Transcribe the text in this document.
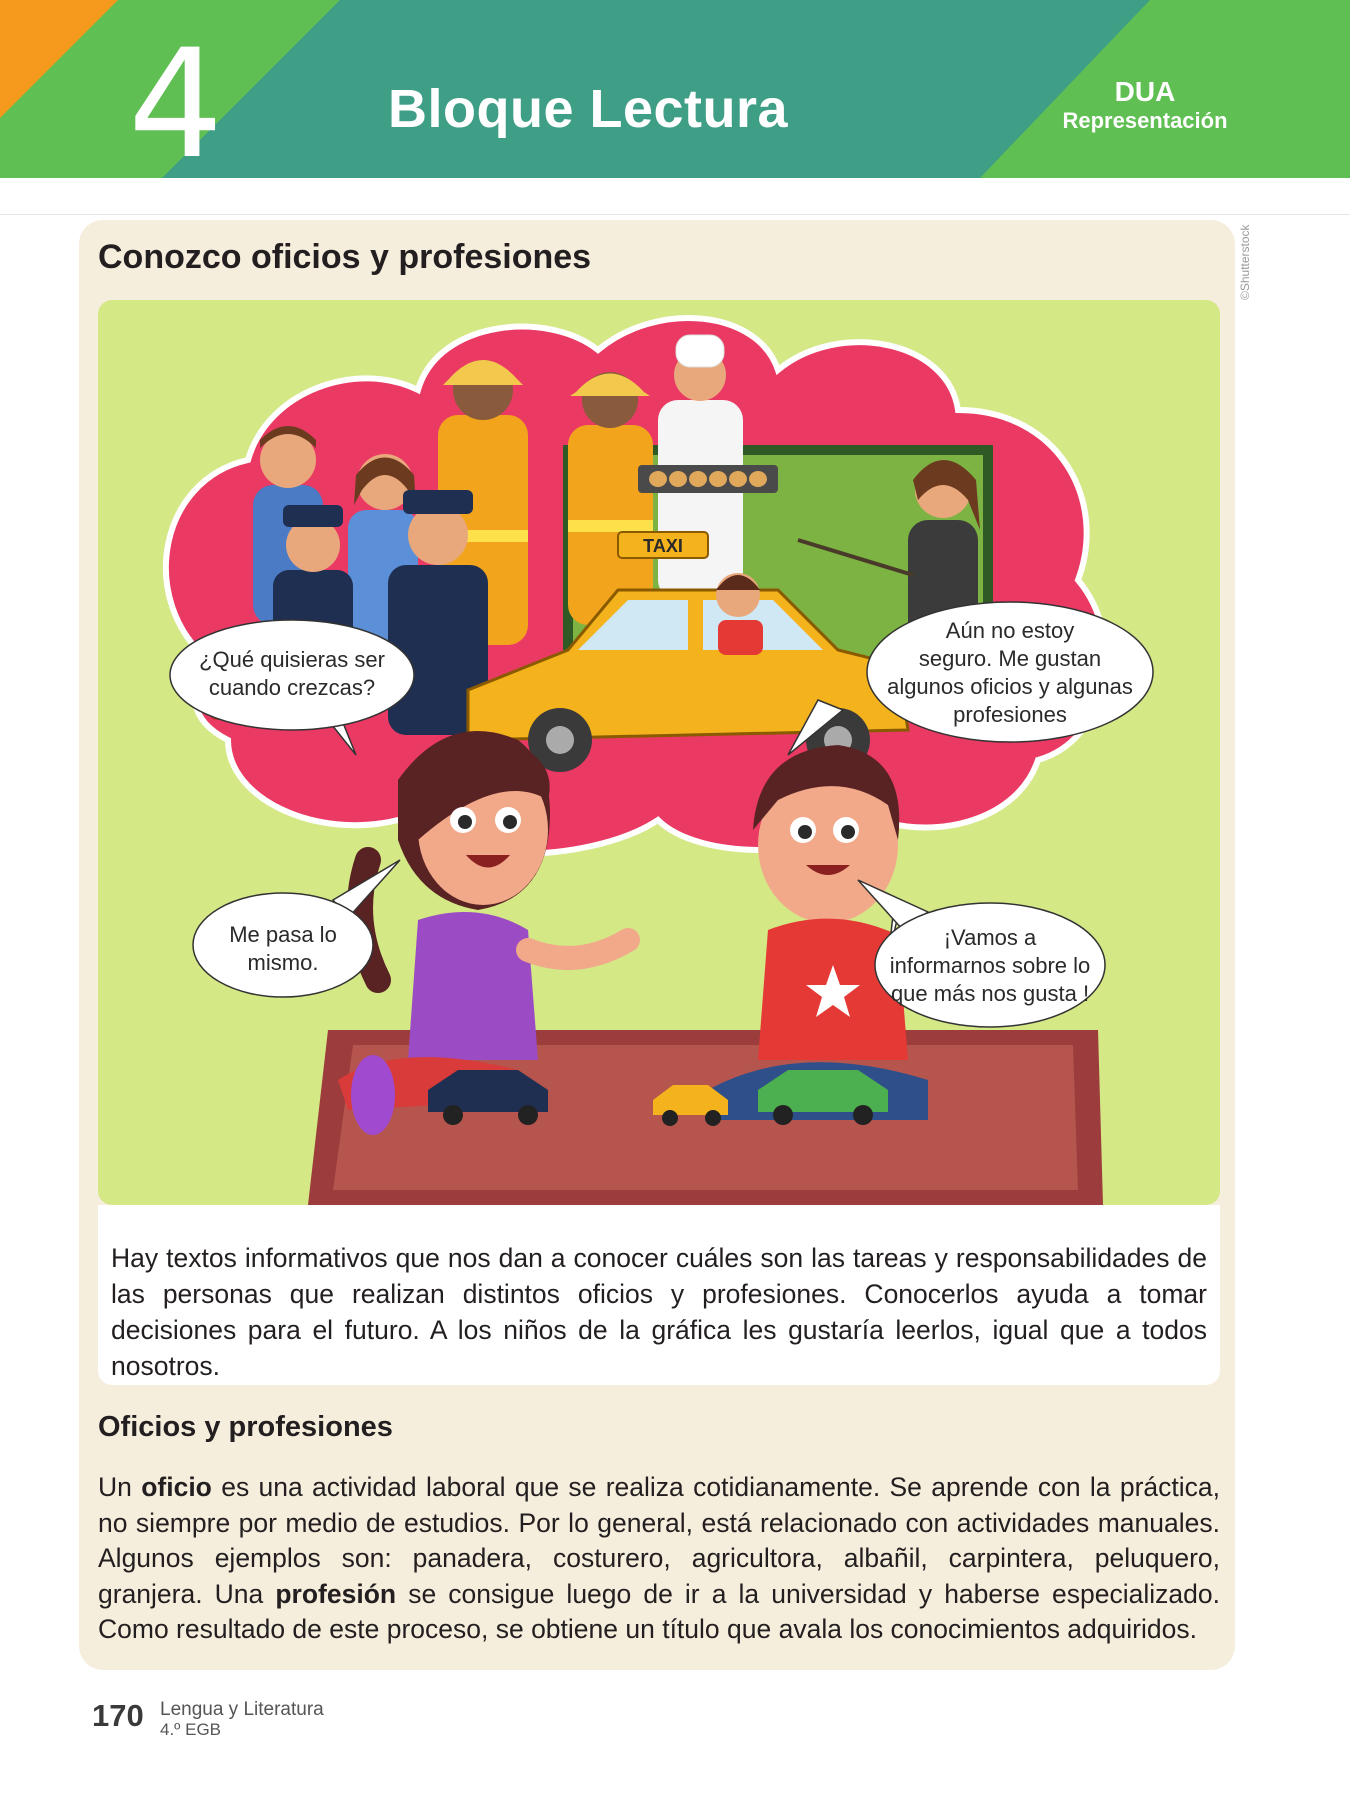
4	Bloque Lectura	DUA
Representación
Conozco oficios y profesiones	©Shutterstock
TAXI
¿Qué quisieras ser
cuando crezcas?
Aún no estoy
seguro. Me gustan
algunos oficios y algunas
profesiones
Me pasa lo
mismo.
¡Vamos a
informarnos sobre lo
que más nos gusta !
Hay textos informativos que nos dan a conocer cuáles son las tareas y responsabilidades de las personas que realizan distintos oficios y profesiones. Conocerlos ayuda a tomar decisiones para el futuro. A los niños de la gráfica les gustaría leerlos, igual que a todos nosotros.
Oficios y profesiones
Un oficio es una actividad laboral que se realiza cotidianamente. Se aprende con la práctica, no siempre por medio de estudios. Por lo general, está relacionado con actividades manuales. Algunos ejemplos son: panadera, costurero, agricultora, albañil, carpintera, peluquero, granjera. Una profesión se consigue luego de ir a la universidad y haberse especializado. Como resultado de este proceso, se obtiene un título que avala los conocimientos adquiridos.
170 Lengua y Literatura
4.º EGB
